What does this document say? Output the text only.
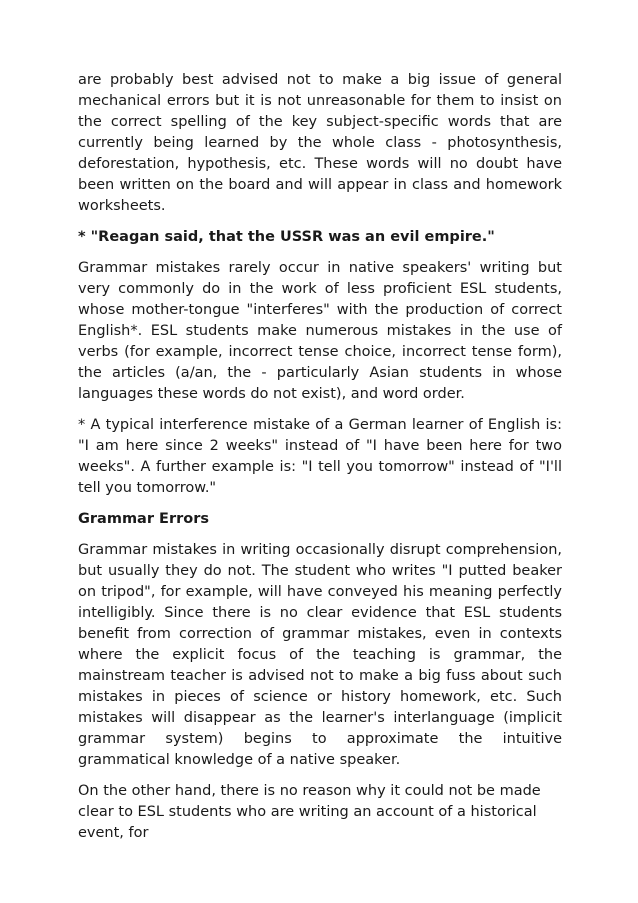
are probably best advised not to make a big issue of general mechanical errors but it is not unreasonable for them to insist on the correct spelling of the key subject-specific words that are currently being learned by the whole class - photosynthesis, deforestation, hypothesis, etc. These words will no doubt have been written on the board and will appear in class and homework worksheets.

* "Reagan said, that the USSR was an evil empire."

Grammar mistakes rarely occur in native speakers' writing but very commonly do in the work of less proficient ESL students, whose mother-tongue "interferes" with the production of correct English*. ESL students make numerous mistakes in the use of verbs (for example, incorrect tense choice, incorrect tense form), the articles (a/an, the - particularly Asian students in whose languages these words do not exist), and word order.

* A typical interference mistake of a German learner of English is: "I am here since 2 weeks" instead of "I have been here for two weeks". A further example is: "I tell you tomorrow" instead of "I'll tell you tomorrow."

Grammar Errors

Grammar mistakes in writing occasionally disrupt comprehension, but usually they do not. The student who writes "I putted beaker on tripod", for example, will have conveyed his meaning perfectly intelligibly. Since there is no clear evidence that ESL students benefit from correction of grammar mistakes, even in contexts where the explicit focus of the teaching is grammar, the mainstream teacher is advised not to make a big fuss about such mistakes in pieces of science or history homework, etc. Such mistakes will disappear as the learner's interlanguage (implicit grammar system) begins to approximate the intuitive grammatical knowledge of a native speaker.

On the other hand, there is no reason why it could not be made clear to ESL students who are writing an account of a historical event, for
